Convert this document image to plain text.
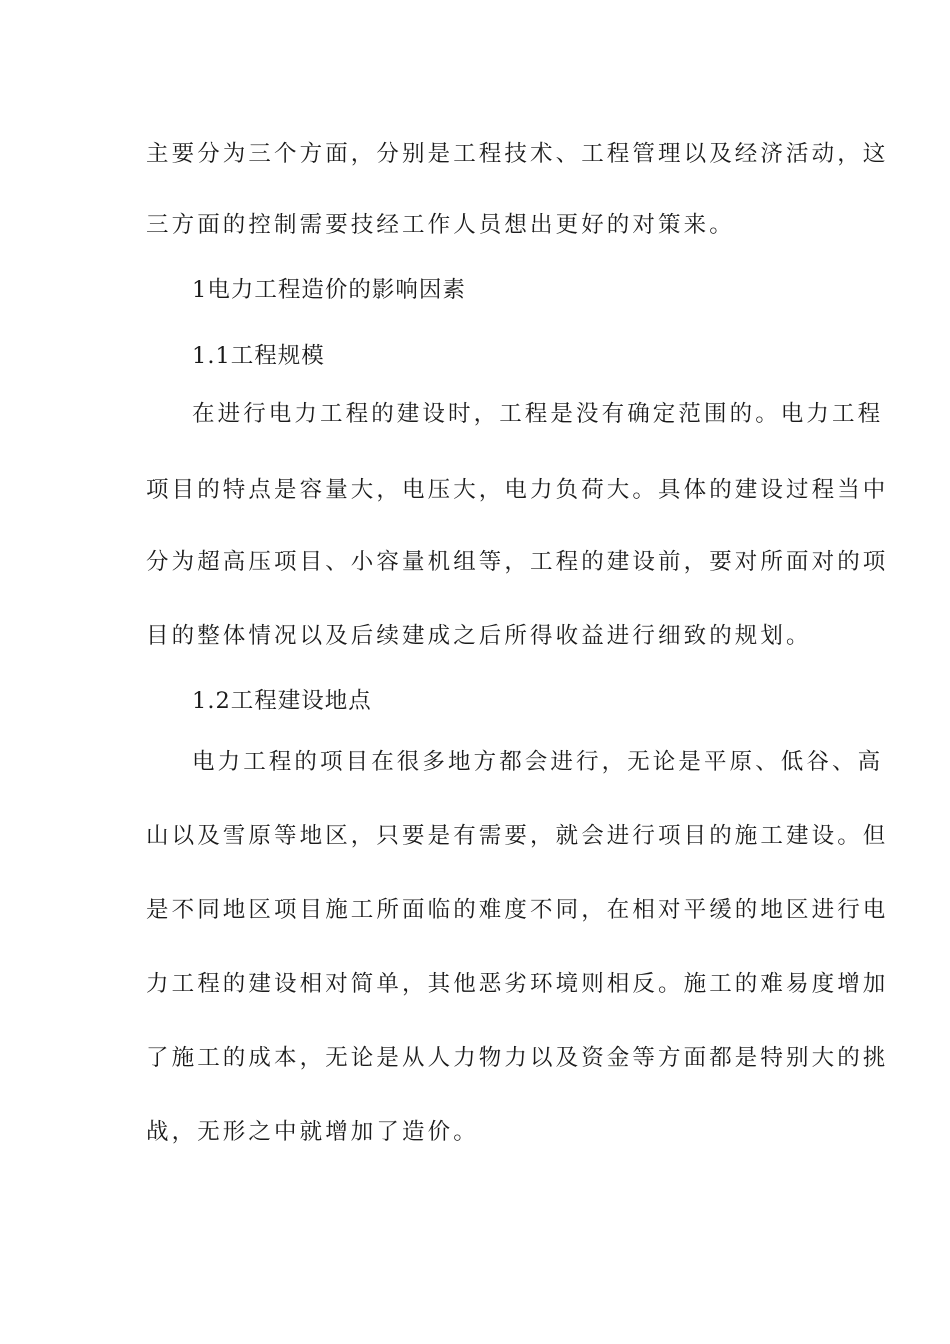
主要分为三个方面，分别是工程技术、工程管理以及经济活动，这
三方面的控制需要技经工作人员想出更好的对策来。
1电力工程造价的影响因素
1.1工程规模
在进行电力工程的建设时，工程是没有确定范围的。电力工程
项目的特点是容量大，电压大，电力负荷大。具体的建设过程当中
分为超高压项目、小容量机组等，工程的建设前，要对所面对的项
目的整体情况以及后续建成之后所得收益进行细致的规划。
1.2工程建设地点
电力工程的项目在很多地方都会进行，无论是平原、低谷、高
山以及雪原等地区，只要是有需要，就会进行项目的施工建设。但
是不同地区项目施工所面临的难度不同，在相对平缓的地区进行电
力工程的建设相对简单，其他恶劣环境则相反。施工的难易度增加
了施工的成本，无论是从人力物力以及资金等方面都是特别大的挑
战，无形之中就增加了造价。
